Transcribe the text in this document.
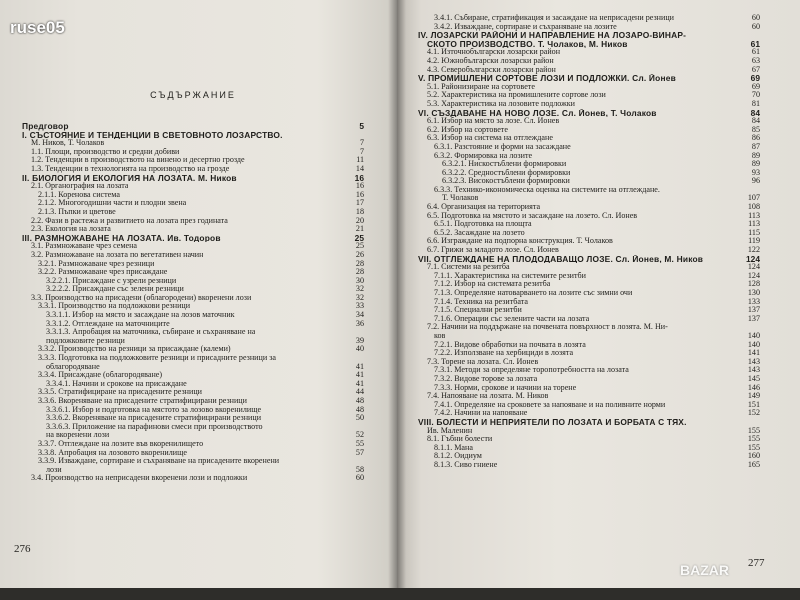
ruse05
СЪДЪРЖАНИЕ
Предговор	5
I. СЪСТОЯНИЕ И ТЕНДЕНЦИИ В СВЕТОВНОТО ЛОЗАРСТВО.
М. Ников, Т. Чолаков	7
1.1. Площи, производство и средни добиви	7
1.2. Тенденции в производството на винено и десертно грозде	11
1.3. Тенденции в технологията на производство на грозде	14
II. БИОЛОГИЯ И ЕКОЛОГИЯ НА ЛОЗАТА. М. Ников	16
2.1. Органография на лозата	16
2.1.1. Коренова система	16
2.1.2. Многогодишни части и плодни звена	17
2.1.3. Пъпки и цветове	18
2.2. Фази в растежа и развитието на лозата през годината	20
2.3. Екология на лозата	21
III. РАЗМНОЖАВАНЕ НА ЛОЗАТА. Ив. Тодоров	25
3.1. Размножаване чрез семена	25
3.2. Размножаване на лозата по вегетативен начин	26
3.2.1. Размножаване чрез резници	28
3.2.2. Размножаване чрез присаждане	28
3.2.2.1. Присаждане с узрели резници	30
3.2.2.2. Присаждане със зелени резници	32
3.3. Производство на присадени (облагородени) вкоренени лози	32
3.3.1. Производство на подложкови резници	33
3.3.1.1. Избор на място и засаждане на лозов маточник	34
3.3.1.2. Отглеждане на маточниците	36
3.3.1.3. Апробация на маточника, събиране и съхраняване на
подложковите резници	39
3.3.2. Производство на резници за присаждане (калеми)	40
3.3.3. Подготовка на подложковите резници и присадните резници за
облагородяване	41
3.3.4. Присаждане (облагородяване)	41
3.3.4.1. Начини и срокове на присаждане	41
3.3.5. Стратифициране на присадените резници	44
3.3.6. Вкореняване на присадените стратифицирани резници	48
3.3.6.1. Избор и подготовка на мястото за лозово вкоренилище	48
3.3.6.2. Вкореняване на присадените стратифицирани резници	50
3.3.6.3. Приложение на парафинови смеси при производството
на вкоренени лози	52
3.3.7. Отглеждане на лозите във вкоренилището	55
3.3.8. Апробация на лозовото вкоренилище	57
3.3.9. Изваждане, сортиране и съхраняване на присадените вкоренени
лози	58
3.4. Производство на неприсадени вкоренени лози и подложки	60
3.4.1. Събиране, стратификация и засаждане на неприсадени резници	60
3.4.2. Изваждане, сортиране и съхраняване на лозите	60
IV. ЛОЗАРСКИ РАЙОНИ И НАПРАВЛЕНИЕ НА ЛОЗАРО-ВИНАР-
СКОТО ПРОИЗВОДСТВО. Т. Чолаков, М. Ников	61
4.1. Източнобългарски лозарски район	61
4.2. Южнобългарски лозарски район	63
4.3. Северобългарски лозарски район	67
V. ПРОМИШЛЕНИ СОРТОВЕ ЛОЗИ И ПОДЛОЖКИ. Сл. Йонев	69
5.1. Районизиране на сортовете	69
5.2. Характеристика на промишлените сортове лози	70
5.3. Характеристика на лозовите подложки	81
VI. СЪЗДАВАНЕ НА НОВО ЛОЗЕ. Сл. Йонев, Т. Чолаков	84
6.1. Избор на място за лозе. Сл. Йонев	84
6.2. Избор на сортовете	85
6.3. Избор на система на отглеждане	86
6.3.1. Разстояние и форми на засаждане	87
6.3.2. Формировка на лозите	89
6.3.2.1. Нискостъблени формировки	89
6.3.2.2. Средностъблени формировки	93
6.3.2.3. Високостъблени формировки	96
6.3.3. Технико-икономическа оценка на системите на отглеждане.
Т. Чолаков	107
6.4. Организация на територията	108
6.5. Подготовка на мястото и засаждане на лозето. Сл. Йонев	113
6.5.1. Подготовка на площта	113
6.5.2. Засаждане на лозето	115
6.6. Изграждане на подпорна конструкция. Т. Чолаков	119
6.7. Грижи за младото лозе. Сл. Йонев	122
VII. ОТГЛЕЖДАНЕ НА ПЛОДОДАВАЩО ЛОЗЕ. Сл. Йонев, М. Ников	124
7.1. Системи на резитба	124
7.1.1. Характеристика на системите резитби	124
7.1.2. Избор на системата резитба	128
7.1.3. Определяне натоварването на лозите със зимни очи	130
7.1.4. Техника на резитбата	133
7.1.5. Специални резитби	137
7.1.6. Операции със зелените части на лозата	137
7.2. Начини на поддържане на почвената повърхност в лозята. М. Ни-
ков	140
7.2.1. Видове обработки на почвата в лозята	140
7.2.2. Използване на хербициди в лозята	141
7.3. Торене на лозата. Сл. Йонев	143
7.3.1. Методи за определяне торопотребността на лозата	143
7.3.2. Видове торове за лозата	145
7.3.3. Норми, срокове и начини на торене	146
7.4. Напояване на лозата. М. Ников	149
7.4.1. Определяне на сроковете за напояване и на поливните норми	151
7.4.2. Начини на напояване	152
VIII. БОЛЕСТИ И НЕПРИЯТЕЛИ ПО ЛОЗАТА И БОРБАТА С ТЯХ.
Ив. Маленин	155
8.1. Гъбни болести	155
8.1.1. Мана	155
8.1.2. Оидиум	160
8.1.3. Сиво гниене	165
276
277
BAZAR
